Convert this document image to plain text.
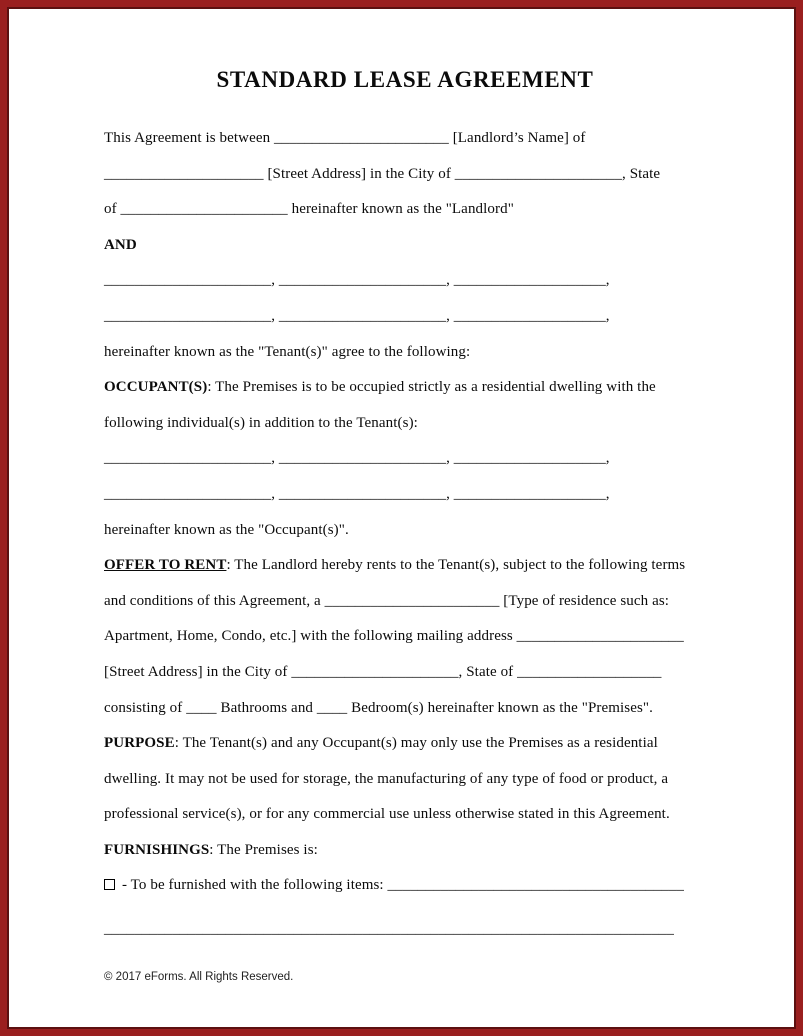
STANDARD LEASE AGREEMENT
This Agreement is between _______________________ [Landlord’s Name] of
_____________________ [Street Address] in the City of ______________________, State
of ______________________ hereinafter known as the "Landlord"
AND
______________________, ______________________, ____________________,
______________________, ______________________, ____________________,
hereinafter known as the "Tenant(s)" agree to the following:
OCCUPANT(S): The Premises is to be occupied strictly as a residential dwelling with the
following individual(s) in addition to the Tenant(s):
______________________, ______________________, ____________________,
______________________, ______________________, ____________________,
hereinafter known as the "Occupant(s)".
OFFER TO RENT: The Landlord hereby rents to the Tenant(s), subject to the following terms
and conditions of this Agreement, a _______________________ [Type of residence such as:
Apartment, Home, Condo, etc.] with the following mailing address ______________________
[Street Address] in the City of ______________________, State of ___________________
consisting of ____ Bathrooms and ____ Bedroom(s) hereinafter known as the "Premises".
PURPOSE: The Tenant(s) and any Occupant(s) may only use the Premises as a residential
dwelling. It may not be used for storage, the manufacturing of any type of food or product, a
professional service(s), or for any commercial use unless otherwise stated in this Agreement.
FURNISHINGS: The Premises is:
- To be furnished with the following items: _______________________________________
___________________________________________________________________________
© 2017 eForms. All Rights Reserved.
